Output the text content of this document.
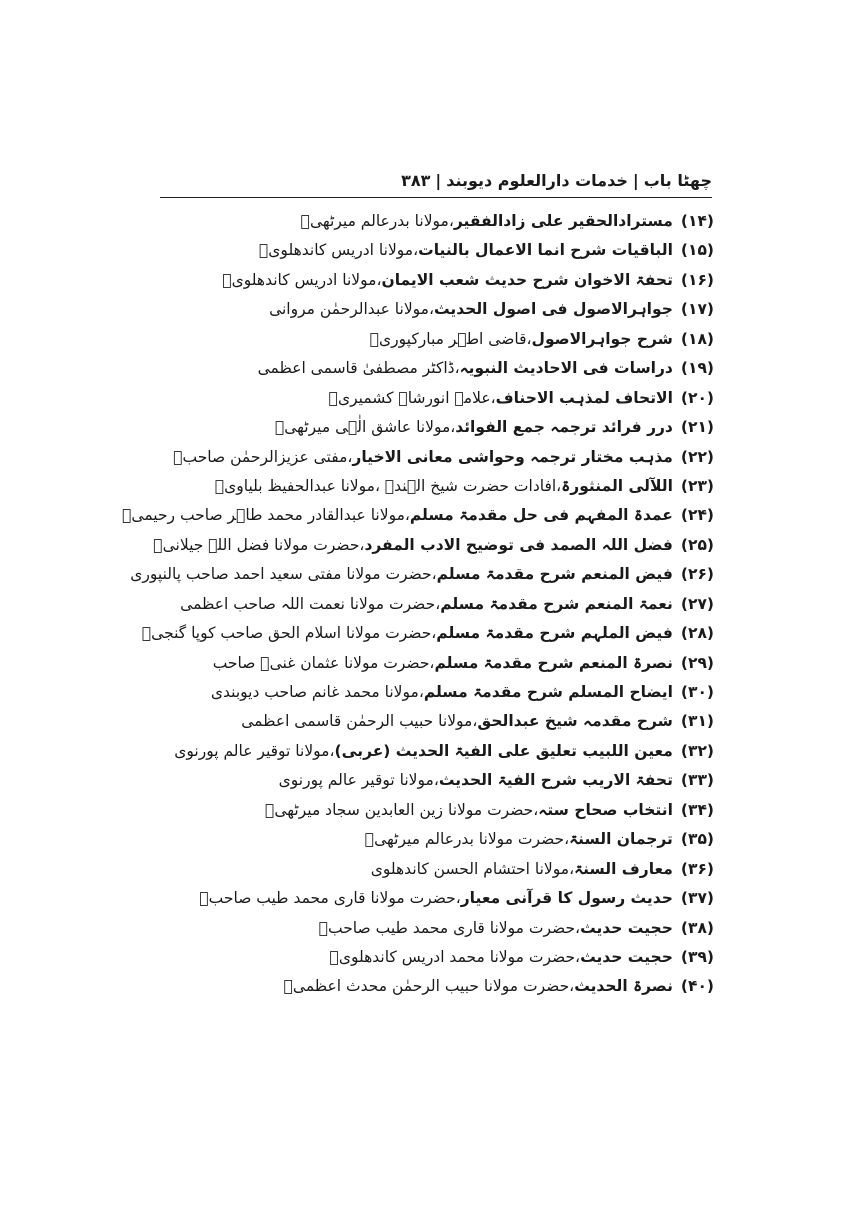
چھٹا باب|خدمات دارالعلوم دیوبند|۳۸۳
(۱۴)مسترادالحقیر علی زادالفقیر،مولانا بدرعالم میرٹھیؒ
(۱۵)الباقیات شرح انما الاعمال بالنیات،مولانا ادریس کاندھلویؒ
(۱۶)تحفۃ الاخوان شرح حدیث شعب الایمان،مولانا ادریس کاندھلویؒ
(۱۷)جواہرالاصول فی اصول الحدیث،مولانا عبدالرحمٰن مروانی
(۱۸)شرح جواہرالاصول،قاضی اطہر مبارکپوریؒ
(۱۹)دراسات فی الاحادیث النبویہ،ڈاکٹر مصطفیٰ قاسمی اعظمی
(۲۰)الاتحاف لمذہب الاحناف،علامہ انورشاہ کشمیریؒ
(۲۱)درر فرائد ترجمہ جمع الفوائد،مولانا عاشق الٰہی میرٹھیؒ
(۲۲)مذہب مختار ترجمہ وحواشی معانی الاخیار،مفتی عزیزالرحمٰن صاحبؒ
(۲۳)اللآلی المنثورۃ،افادات حضرت شیخ الہندؒ ،مولانا عبدالحفیظ بلیاویؒ
(۲۴)عمدۃ المفہم فی حل مقدمۃ مسلم،مولانا عبدالقادر محمد طاہر صاحب رحیمیؒ
(۲۵)فضل اللہ الصمد فی توضیح الادب المفرد،حضرت مولانا فضل اللہ جیلانیؒ
(۲۶)فیض المنعم شرح مقدمۃ مسلم،حضرت مولانا مفتی سعید احمد صاحب پالنپوری
(۲۷)نعمۃ المنعم شرح مقدمۃ مسلم،حضرت مولانا نعمت اللہ صاحب اعظمی
(۲۸)فیض الملہم شرح مقدمۃ مسلم،حضرت مولانا اسلام الحق صاحب کوپا گنجیؒ
(۲۹)نصرۃ المنعم شرح مقدمۃ مسلم،حضرت مولانا عثمان غنیؒ صاحب
(۳۰)ایضاح المسلم شرح مقدمۃ مسلم،مولانا محمد غانم صاحب دیوبندی
(۳۱)شرح مقدمہ شیخ عبدالحق،مولانا حبیب الرحمٰن قاسمی اعظمی
(۳۲)معین اللبیب تعلیق علی الفیۃ الحدیث (عربی)،مولانا توقیر عالم پورنوی
(۳۳)تحفۃ الاریب شرح الفیۃ الحدیث،مولانا توقیر عالم پورنوی
(۳۴)انتخاب صحاح ستہ،حضرت مولانا زین العابدین سجاد میرٹھیؒ
(۳۵)ترجمان السنۃ،حضرت مولانا بدرعالم میرٹھیؒ
(۳۶)معارف السنۃ،مولانا احتشام الحسن کاندھلوی
(۳۷)حدیث رسول کا قرآنی معیار،حضرت مولانا قاری محمد طیب صاحبؒ
(۳۸)حجیت حدیث،حضرت مولانا قاری محمد طیب صاحبؒ
(۳۹)حجیت حدیث،حضرت مولانا محمد ادریس کاندھلویؒ
(۴۰)نصرۃ الحدیث،حضرت مولانا حبیب الرحمٰن محدث اعظمیؒ
